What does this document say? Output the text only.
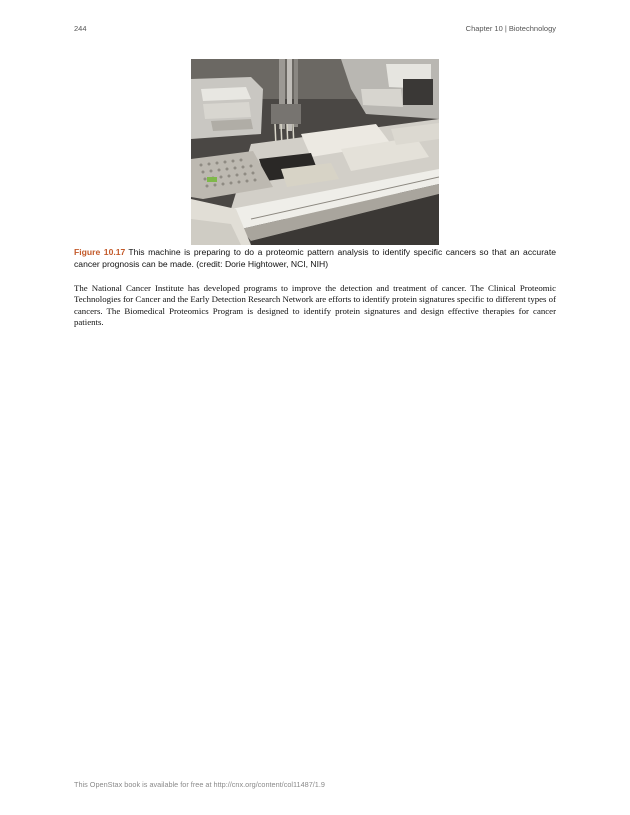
244	Chapter 10 | Biotechnology
Figure 10.17 This machine is preparing to do a proteomic pattern analysis to identify specific cancers so that an accurate cancer prognosis can be made. (credit: Dorie Hightower, NCI, NIH)

The National Cancer Institute has developed programs to improve the detection and treatment of cancer. The Clinical Proteomic Technologies for Cancer and the Early Detection Research Network are efforts to identify protein signatures specific to different types of cancers. The Biomedical Proteomics Program is designed to identify protein signatures and design effective therapies for cancer patients.

This OpenStax book is available for free at http://cnx.org/content/col11487/1.9
